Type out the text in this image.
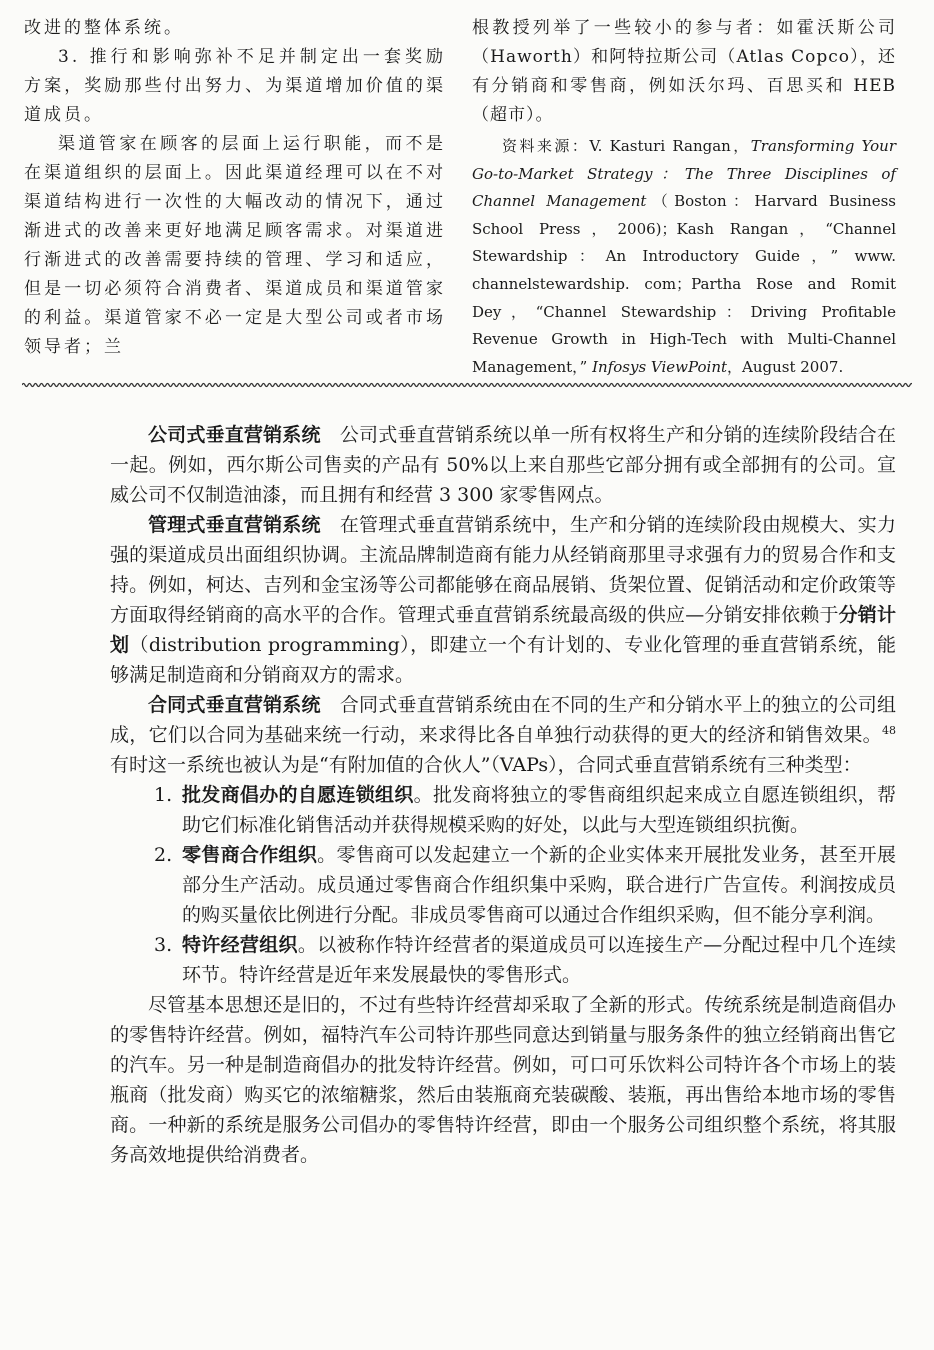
改进的整体系统。

3. 推行和影响弥补不足并制定出一套奖励方案，奖励那些付出努力、为渠道增加价值的渠道成员。

渠道管家在顾客的层面上运行职能，而不是在渠道组织的层面上。因此渠道经理可以在不对渠道结构进行一次性的大幅改动的情况下，通过渐进式的改善来更好地满足顾客需求。对渠道进行渐进式的改善需要持续的管理、学习和适应，但是一切必须符合消费者、渠道成员和渠道管家的利益。渠道管家不必一定是大型公司或者市场领导者；兰

根教授列举了一些较小的参与者：如霍沃斯公司（Haworth）和阿特拉斯公司（Atlas Copco），还有分销商和零售商，例如沃尔玛、百思买和 HEB（超市）。

资料来源：V. Kasturi Rangan，Transforming Your Go-to-Market Strategy：The Three Disciplines of Channel Management（Boston：Harvard Business School Press，2006)；Kash Rangan，“Channel Stewardship：An Introductory Guide，” www. channelstewardship. com；Partha Rose and Romit Dey，“Channel Stewardship：Driving Profitable Revenue Growth in High-Tech with Multi-Channel Management，” Infosys ViewPoint，August 2007.

公司式垂直营销系统　 公司式垂直营销系统以单一所有权将生产和分销的连续阶段结合在一起。例如，西尔斯公司售卖的产品有 50%以上来自那些它部分拥有或全部拥有的公司。宣威公司不仅制造油漆，而且拥有和经营 3 300 家零售网点。

管理式垂直营销系统　 在管理式垂直营销系统中，生产和分销的连续阶段由规模大、实力强的渠道成员出面组织协调。主流品牌制造商有能力从经销商那里寻求强有力的贸易合作和支持。例如，柯达、吉列和金宝汤等公司都能够在商品展销、货架位置、促销活动和定价政策等方面取得经销商的高水平的合作。管理式垂直营销系统最高级的供应—分销安排依赖于分销计划（distribution programming），即建立一个有计划的、专业化管理的垂直营销系统，能够满足制造商和分销商双方的需求。

合同式垂直营销系统　 合同式垂直营销系统由在不同的生产和分销水平上的独立的公司组成，它们以合同为基础来统一行动，来求得比各自单独行动获得的更大的经济和销售效果。$^{48}$有时这一系统也被认为是“有附加值的合伙人”（VAPs），合同式垂直营销系统有三种类型：

1. 批发商倡办的自愿连锁组织。批发商将独立的零售商组织起来成立自愿连锁组织，帮助它们标准化销售活动并获得规模采购的好处，以此与大型连锁组织抗衡。

2. 零售商合作组织。零售商可以发起建立一个新的企业实体来开展批发业务，甚至开展部分生产活动。成员通过零售商合作组织集中采购，联合进行广告宣传。利润按成员的购买量依比例进行分配。非成员零售商可以通过合作组织采购，但不能分享利润。

3. 特许经营组织。以被称作特许经营者的渠道成员可以连接生产—分配过程中几个连续环节。特许经营是近年来发展最快的零售形式。

尽管基本思想还是旧的，不过有些特许经营却采取了全新的形式。传统系统是制造商倡办的零售特许经营。例如，福特汽车公司特许那些同意达到销量与服务条件的独立经销商出售它的汽车。另一种是制造商倡办的批发特许经营。例如，可口可乐饮料公司特许各个市场上的装瓶商（批发商）购买它的浓缩糖浆，然后由装瓶商充装碳酸、装瓶，再出售给本地市场的零售商。一种新的系统是服务公司倡办的零售特许经营，即由一个服务公司组织整个系统，将其服务高效地提供给消费者。
